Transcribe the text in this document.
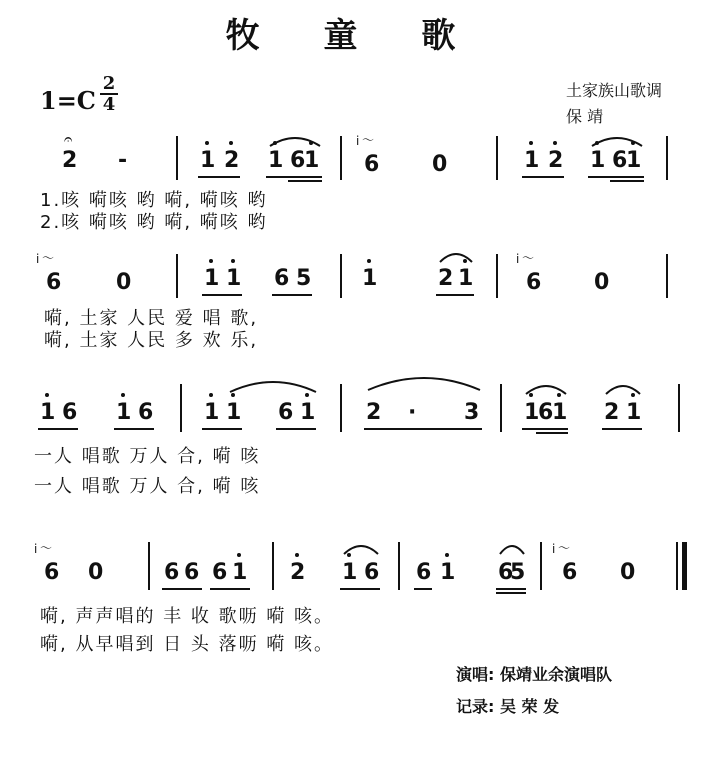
牧 童 歌
1=C
2
4
土家族山歌调
保 靖
2
𝄐
-	1 2 1 6
1
i ～
6 0	1 2 1 6
1
1.咳 嗬咳 哟 嗬, 嗬咳 哟
2.咳 嗬咳 哟 嗬, 嗬咳 哟
i ～
6 0	1 1 6 5 1	2 1
i ～
6 0
嗬, 土家 人民 爱 唱 歌,
嗬, 土家 人民 多 欢 乐,
1 6 1 6 1 1 6 1 2 · 3 1
6
1 2 1
一人 唱歌 万人 合, 嗬 咳
一人 唱歌 万人 合, 嗬 咳
i ～
6 0	6 6 6 1 2 1 6 6 1 6
5
i ～
6 0
嗬, 声声唱的 丰 收 歌呖 嗬 咳。
嗬, 从早唱到 日 头 落呖 嗬 咳。
演唱: 保靖业余演唱队
记录: 吴 荣 发
